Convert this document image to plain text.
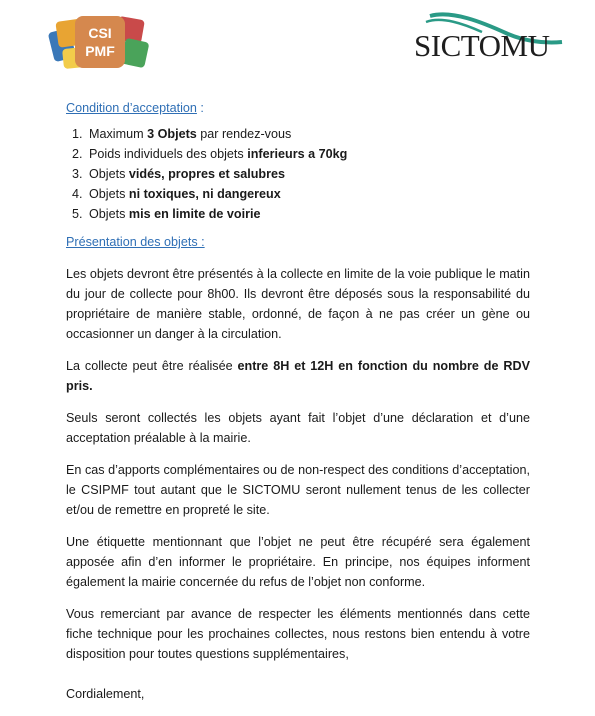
CSI
PMF	SICTOMU
Condition d’acceptation :
1. Maximum 3 Objets par rendez-vous
2. Poids individuels des objets inferieurs a 70kg
3. Objets vidés, propres et salubres
4. Objets ni toxiques, ni dangereux
5. Objets mis en limite de voirie
Présentation des objets :

Les objets devront être présentés à la collecte en limite de la voie publique le matin du jour de collecte pour 8h00. Ils devront être déposés sous la responsabilité du propriétaire de manière stable, ordonné, de façon à ne pas créer un gène ou occasionner un danger à la circulation.

La collecte peut être réalisée entre 8H et 12H en fonction du nombre de RDV pris.

Seuls seront collectés les objets ayant fait l’objet d’une déclaration et d’une acceptation préalable à la mairie.

En cas d’apports complémentaires ou de non-respect des conditions d’acceptation, le CSIPMF tout autant que le SICTOMU seront nullement tenus de les collecter et/ou de remettre en propreté le site.

Une étiquette mentionnant que l’objet ne peut être récupéré sera également apposée afin d’en informer le propriétaire. En principe, nos équipes informent également la mairie concernée du refus de l’objet non conforme.

Vous remerciant par avance de respecter les éléments mentionnés dans cette fiche technique pour les prochaines collectes, nous restons bien entendu à votre disposition pour toutes questions supplémentaires,

Cordialement,
